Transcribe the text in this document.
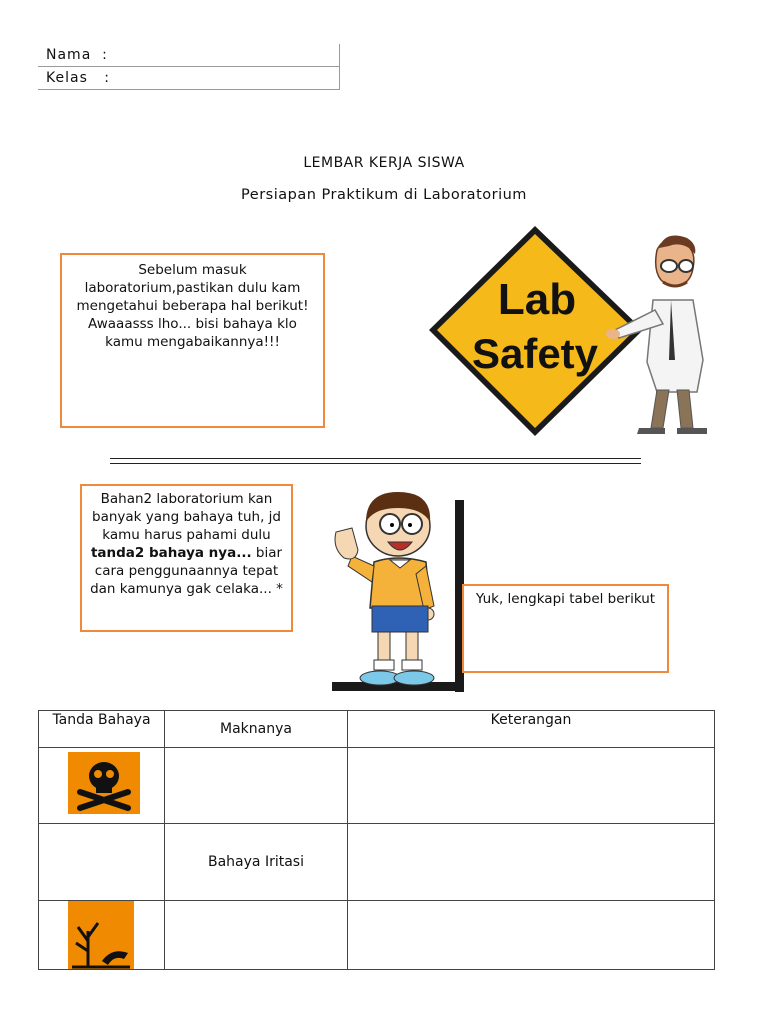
Nama  :
Kelas   :
LEMBAR KERJA SISWA
Persiapan Praktikum di Laboratorium
Sebelum masuk laboratorium,pastikan dulu kam mengetahui beberapa hal berikut! Awaaasss lho... bisi bahaya klo kamu mengabaikannya!!!
Lab
Safety
Bahan2 laboratorium kan banyak yang bahaya tuh, jd kamu harus pahami dulu tanda2 bahaya nya... biar cara penggunaannya tepat dan kamunya gak celaka... *
Yuk, lengkapi tabel berikut
Tanda Bahaya	Maknanya	Keterangan

	Bahaya Iritasi	
